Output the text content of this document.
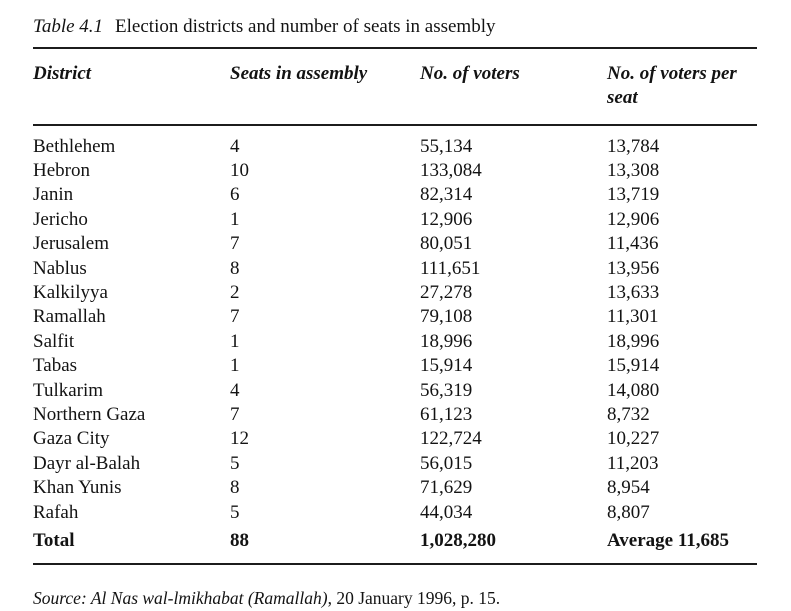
Table 4.1 Election districts and number of seats in assembly
District	Seats in assembly	No. of voters	No. of voters per seat
Bethlehem	4	55,134	13,784
Hebron	10	133,084	13,308
Janin	6	82,314	13,719
Jericho	1	12,906	12,906
Jerusalem	7	80,051	11,436
Nablus	8	111,651	13,956
Kalkilyya	2	27,278	13,633
Ramallah	7	79,108	11,301
Salfit	1	18,996	18,996
Tabas	1	15,914	15,914
Tulkarim	4	56,319	14,080
Northern Gaza	7	61,123	8,732
Gaza City	12	122,724	10,227
Dayr al-Balah	5	56,015	11,203
Khan Yunis	8	71,629	8,954
Rafah	5	44,034	8,807
Total	88	1,028,280	Average 11,685
Source: Al Nas wal-lmikhabat (Ramallah), 20 January 1996, p. 15.
